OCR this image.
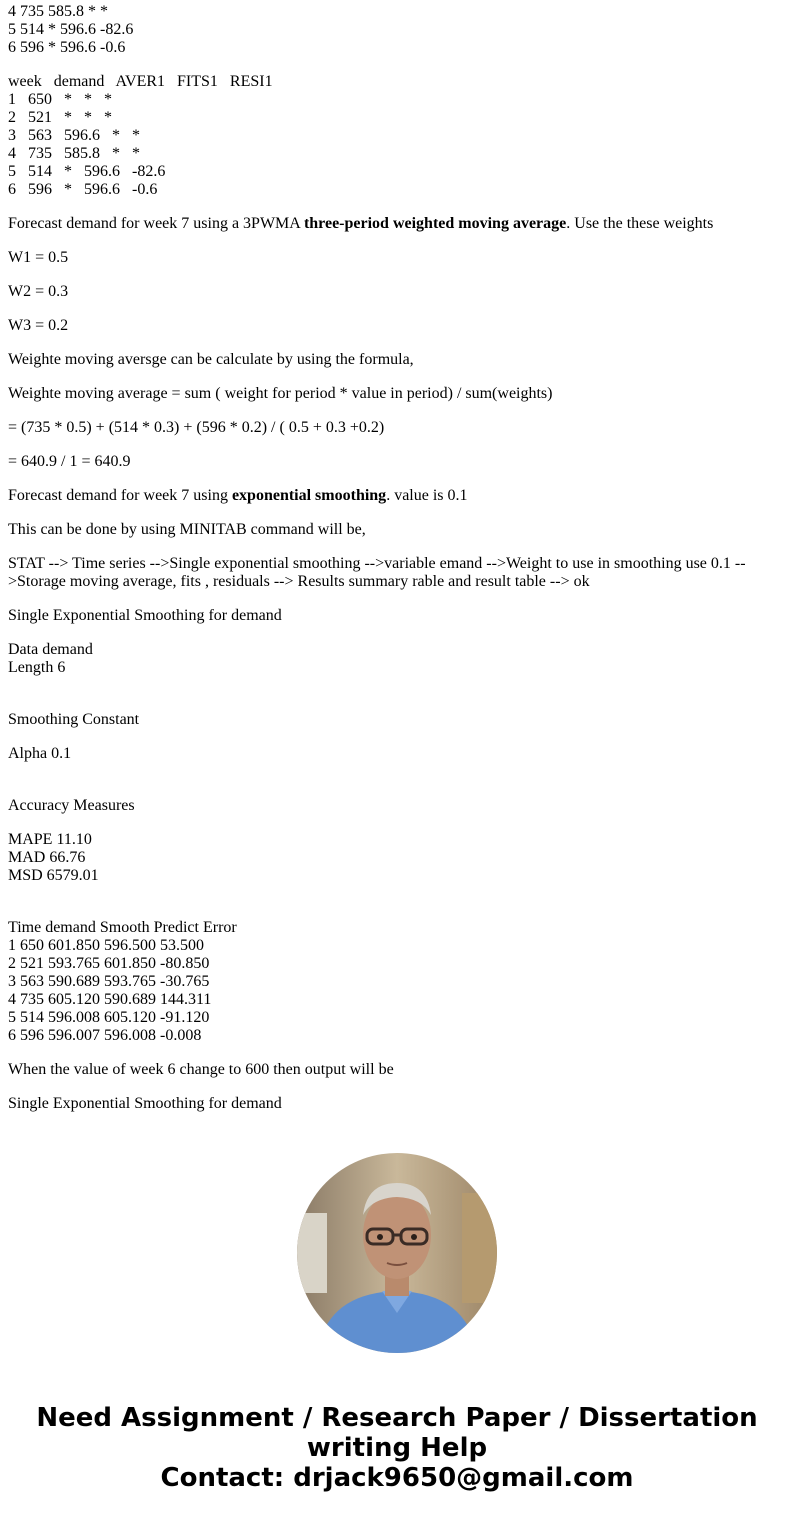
4 735 585.8 * *
5 514 * 596.6 -82.6
6 596 * 596.6 -0.6
week   demand   AVER1   FITS1   RESI1
1   650   *   *   *
2   521   *   *   *
3   563   596.6   *   *
4   735   585.8   *   *
5   514   *   596.6   -82.6
6   596   *   596.6   -0.6

Forecast demand for week 7 using a 3PWMA three-period weighted moving average. Use the these weights

W1 = 0.5

W2 = 0.3

W3 = 0.2

Weighte moving aversge can be calculate by using the formula,

Weighte moving average = sum ( weight for period * value in period) / sum(weights)

= (735 * 0.5) + (514 * 0.3) + (596 * 0.2) / ( 0.5 + 0.3 +0.2)

= 640.9 / 1 = 640.9

Forecast demand for week 7 using exponential smoothing. value is 0.1

This can be done by using MINITAB command will be,

STAT --> Time series -->Single exponential smoothing -->variable emand -->Weight to use in smoothing use 0.1 -->Storage moving average, fits , residuals --> Results summary rable and result table --> ok

Single Exponential Smoothing for demand

Data demand
Length 6

Smoothing Constant

Alpha 0.1

Accuracy Measures

MAPE 11.10
MAD 66.76
MSD 6579.01
Time demand Smooth Predict Error
1 650 601.850 596.500 53.500
2 521 593.765 601.850 -80.850
3 563 590.689 593.765 -30.765
4 735 605.120 590.689 144.311
5 514 596.008 605.120 -91.120
6 596 596.007 596.008 -0.008

When the value of week 6 change to 600 then output will be

Single Exponential Smoothing for demand

Need Assignment / Research Paper / Dissertation
writing Help
Contact: drjack9650@gmail.com
